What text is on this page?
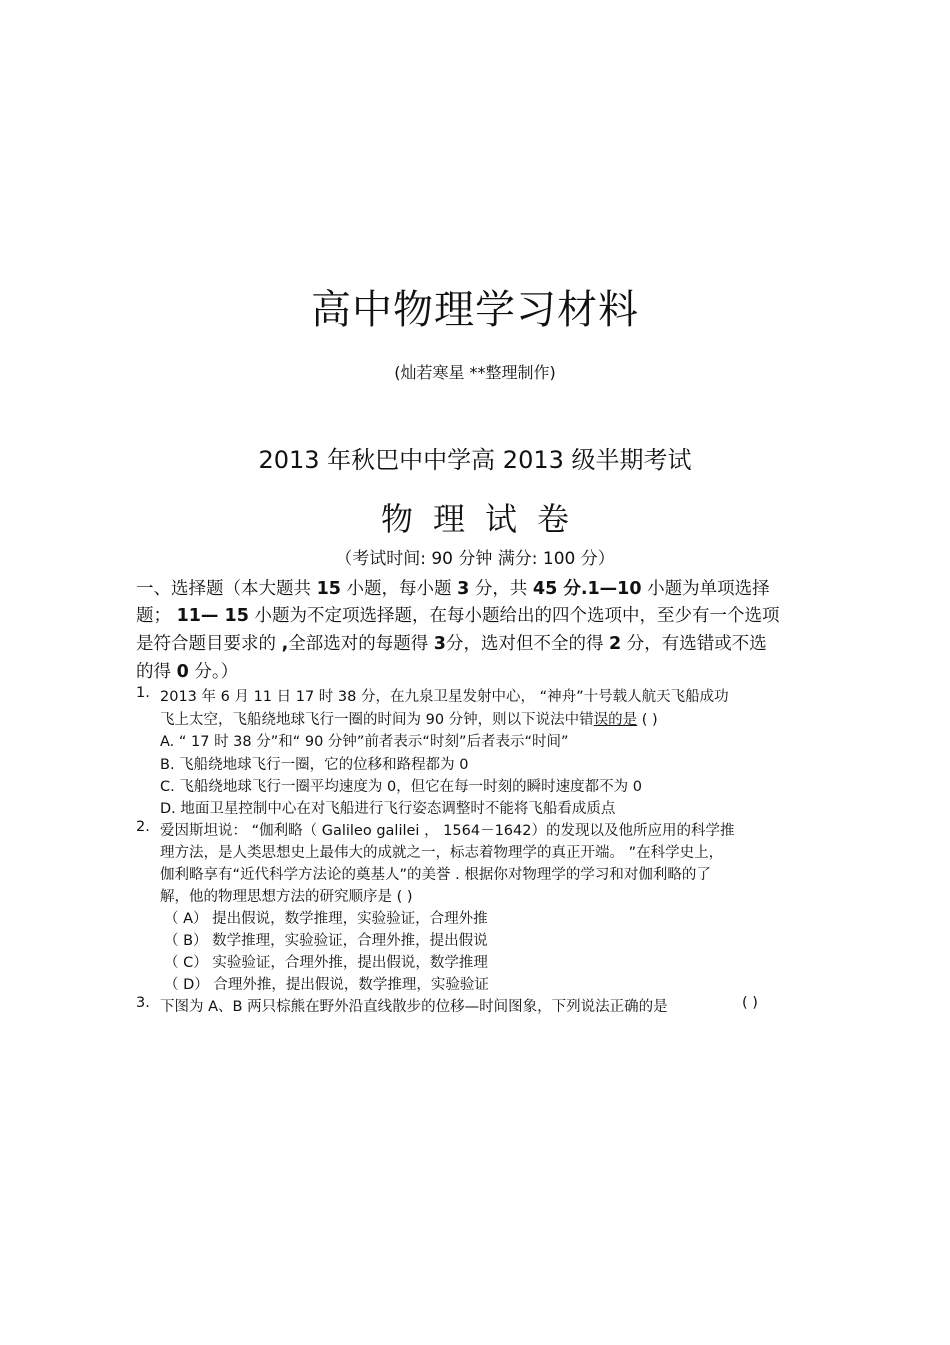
高中物理学习材料
(灿若寒星 **整理制作)
2013 年秋巴中中学高 2013 级半期考试
物理试卷
（考试时间: 90 分钟 满分: 100 分）
一、选择题（本大题共 15 小题，每小题 3 分，共 45 分.1—10 小题为单项选择
题； 11— 15 小题为不定项选择题，在每小题给出的四个选项中，至少有一个选项
是符合题目要求的 ,全部选对的每题得 3分，选对但不全的得 2 分，有选错或不选
的得 0 分。）
1. 2013 年 6 月 11 日 17 时 38 分，在九泉卫星发射中心， “神舟”十号载人航天飞船成功
飞上太空，飞船绕地球飞行一圈的时间为 90 分钟，则以下说法中错误的是 ( )
A. “ 17 时 38 分”和“ 90 分钟”前者表示“时刻”后者表示“时间”
B. 飞船绕地球飞行一圈，它的位移和路程都为 0
C. 飞船绕地球飞行一圈平均速度为 0，但它在每一时刻的瞬时速度都不为 0
D. 地面卫星控制中心在对飞船进行飞行姿态调整时不能将飞船看成质点
2. 爱因斯坦说： “伽利略（ Galileo galilei ， 1564－1642）的发现以及他所应用的科学推
理方法，是人类思想史上最伟大的成就之一，标志着物理学的真正开端。 ”在科学史上，
伽利略享有“近代科学方法论的奠基人”的美誉 . 根据你对物理学的学习和对伽利略的了
解，他的物理思想方法的研究顺序是 ( )
（ A） 提出假说，数学推理，实验验证，合理外推
（ B） 数学推理，实验验证，合理外推，提出假说
（ C） 实验验证，合理外推，提出假说，数学推理
（ D） 合理外推，提出假说，数学推理，实验验证
3. 下图为 A、B 两只棕熊在野外沿直线散步的位移—时间图象，下列说法正确的是	( )
